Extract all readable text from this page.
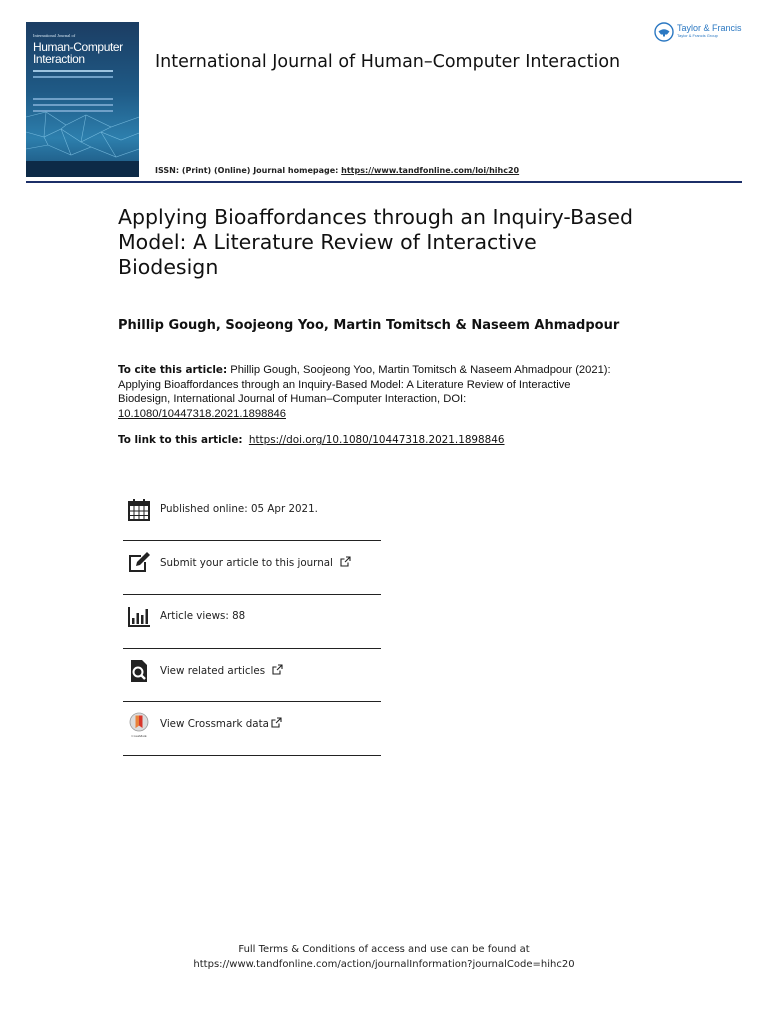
International Journal of
Human-Computer
Interaction	International Journal of Human–Computer Interaction
Taylor & Francis
Taylor & Francis Group
ISSN: (Print) (Online) Journal homepage: https://www.tandfonline.com/loi/hihc20
Applying Bioaffordances through an Inquiry-Based Model: A Literature Review of Interactive Biodesign
Phillip Gough, Soojeong Yoo, Martin Tomitsch & Naseem Ahmadpour
To cite this article: Phillip Gough, Soojeong Yoo, Martin Tomitsch & Naseem Ahmadpour (2021): Applying Bioaffordances through an Inquiry-Based Model: A Literature Review of Interactive Biodesign, International Journal of Human–Computer Interaction, DOI:
10.1080/10447318.2021.1898846
To link to this article: https://doi.org/10.1080/10447318.2021.1898846
Published online: 05 Apr 2021.
Submit your article to this journal
Article views: 88
View related articles
CrossMark
View Crossmark data
Full Terms & Conditions of access and use can be found at
https://www.tandfonline.com/action/journalInformation?journalCode=hihc20
